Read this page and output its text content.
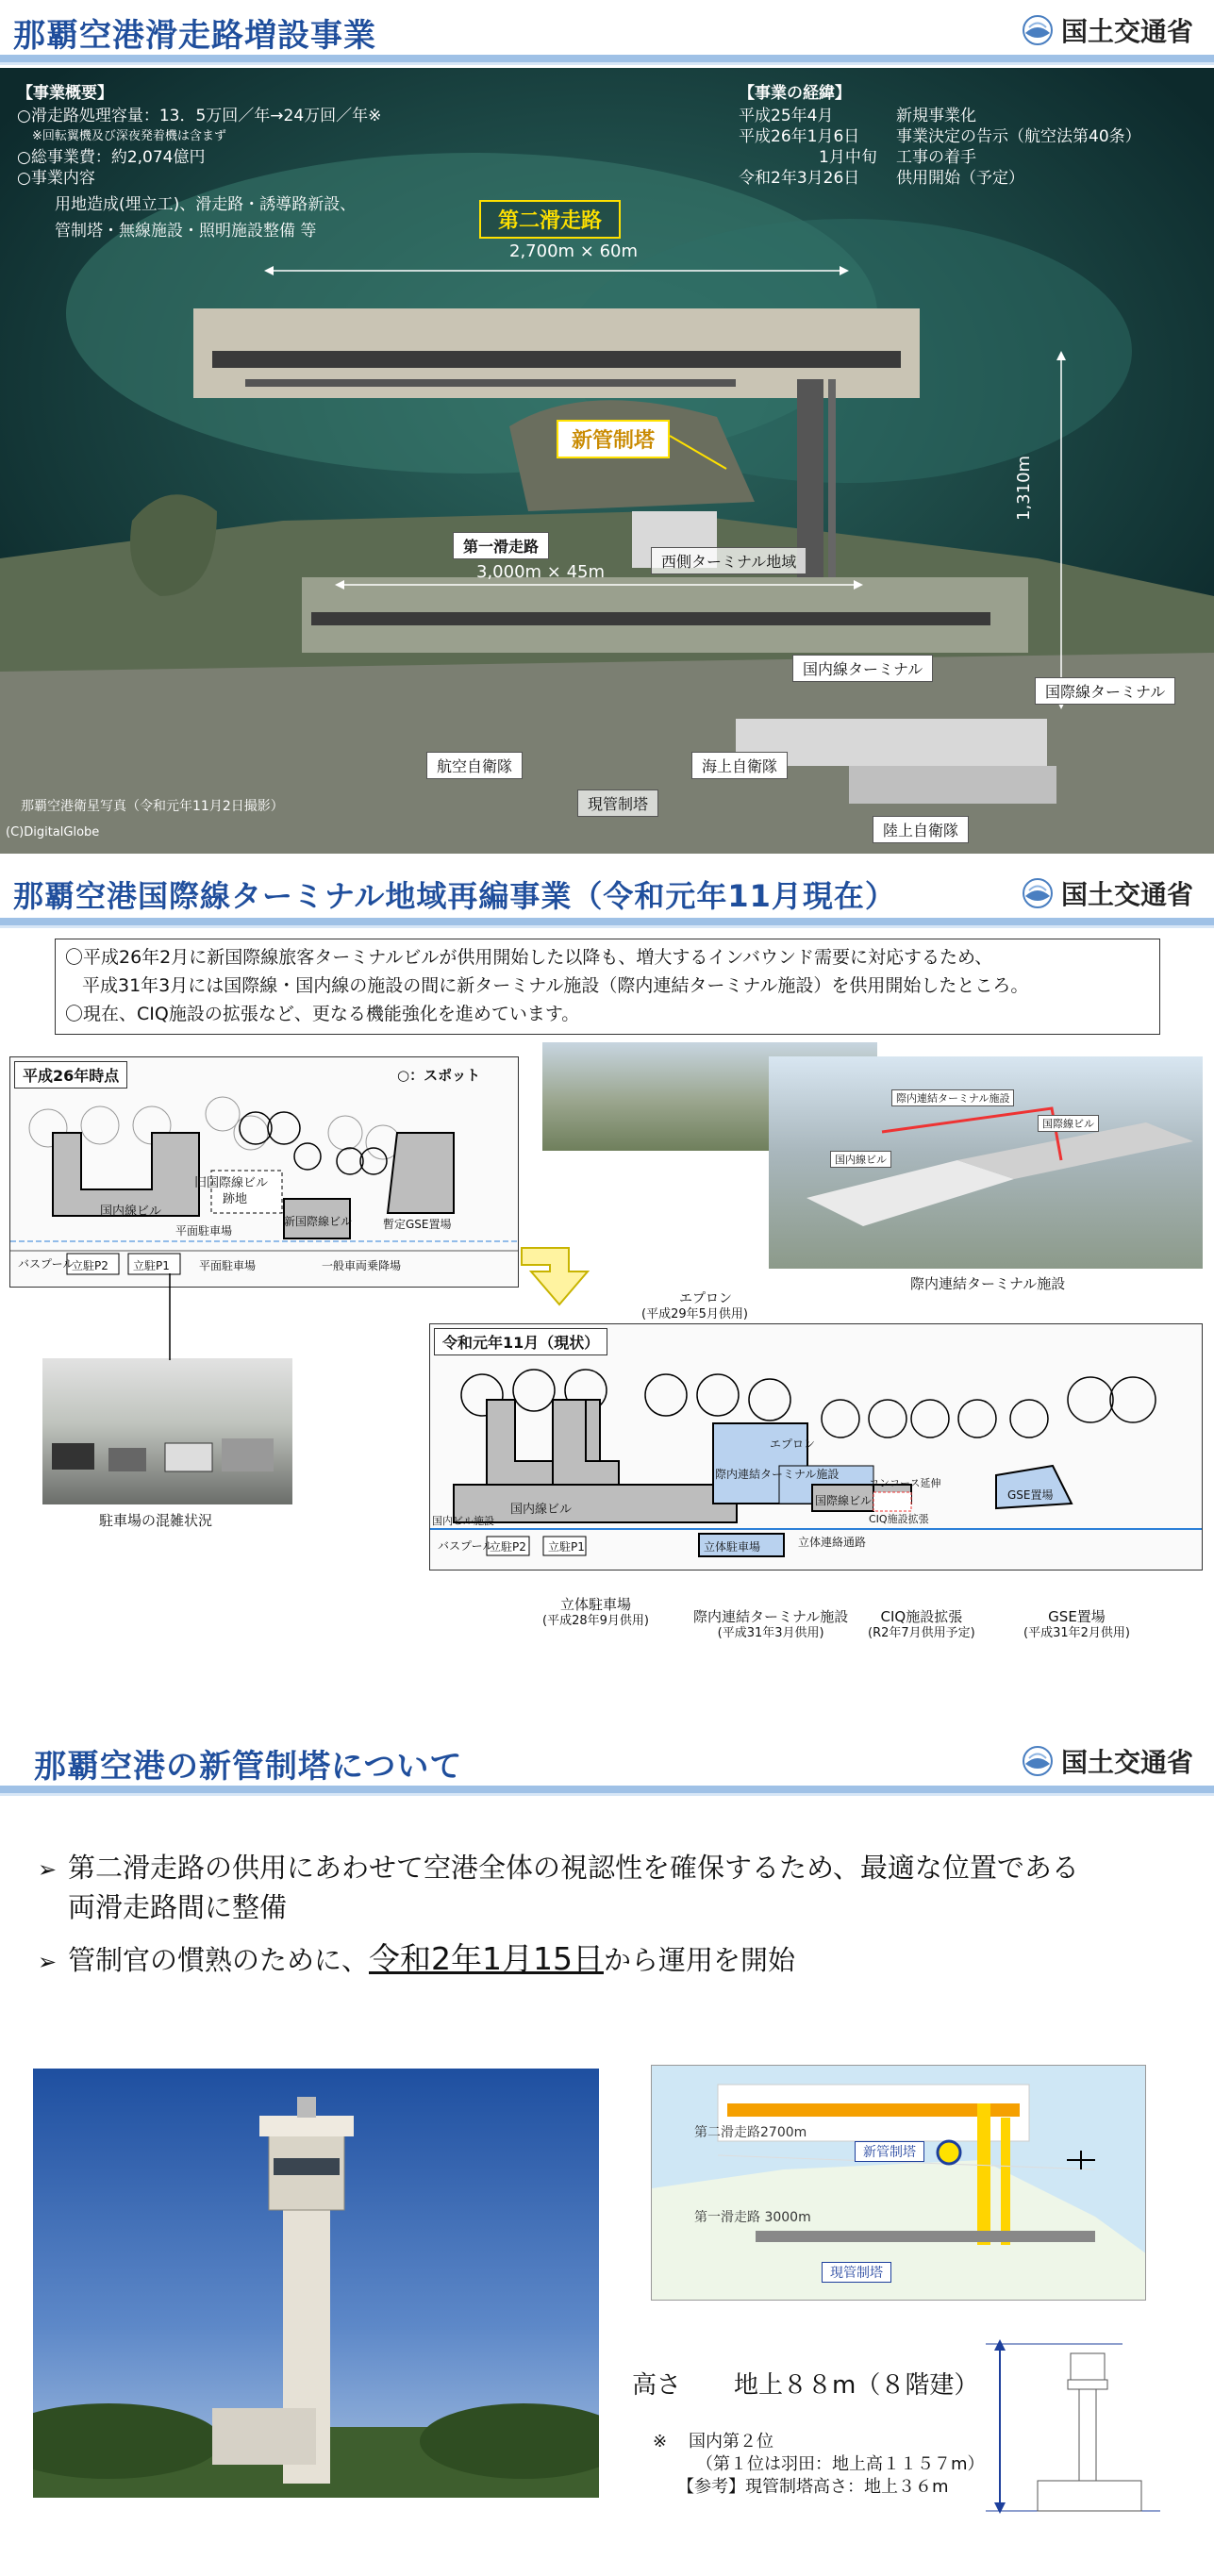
那覇空港滑走路増設事業	国土交通省
【事業概要】
○滑走路処理容量：13．5万回／年→24万回／年※
※回転翼機及び深夜発着機は含まず
○総事業費：約2,074億円
○事業内容
用地造成(埋立工)、滑走路・誘導路新設、
管制塔・無線施設・照明施設整備 等
【事業の経緯】
平成25年4月	新規事業化
平成26年1月6日 事業決定の告示（航空法第40条）
1月中旬 工事の着手
令和2年3月26日 供用開始（予定）
第二滑走路
2,700m × 60m
新管制塔
1,310m
第一滑走路
3,000m × 45m
西側ターミナル地域
国内線ターミナル
国際線ターミナル
航空自衛隊	海上自衛隊
現管制塔
陸上自衛隊
那覇空港衛星写真（令和元年11月2日撮影）
(C)DigitalGlobe
那覇空港国際線ターミナル地域再編事業（令和元年11月現在）	国土交通省

〇平成26年2月に新国際線旅客ターミナルビルが供用開始した以降も、増大するインバウンド需要に対応するため、

平成31年3月には国際線・国内線の施設の間に新ターミナル施設（際内連結ターミナル施設）を供用開始したところ。

〇現在、CIQ施設の拡張など、更なる機能強化を進めています。

平成26年時点	○：スポット
旧国際線ビル
跡地
国内線ビル
新国際線ビル
平面駐車場	暫定GSE置場
バスプール
立駐P2 立駐P1	平面駐車場	一般車両乗降場
際内連結ターミナル施設
国際線ビル
国内線ビル
際内連結ターミナル施設
駐車場の混雑状況
エプロン
(平成29年5月供用)
令和元年11月（現状）
国内線ビル
際内連結ターミナル施設
国際線ビル
コンコース延伸
CIQ施設拡張
GSE置場
エプロン
国内ビル施設
バスプール
立駐P2 立駐P1	立体駐車場	立体連絡通路
立体駐車場
(平成28年9月供用)	際内連結ターミナル施設
(平成31年3月供用)
CIQ施設拡張
(R2年7月供用予定)
GSE置場
(平成31年2月供用)
那覇空港の新管制塔について	国土交通省
➢ 第二滑走路の供用にあわせて空港全体の視認性を確保するため、最適な位置である
両滑走路間に整備
➢ 管制官の慣熟のために、令和2年1月15日から運用を開始
第二滑走路2700m
新管制塔
第一滑走路 3000m
現管制塔
高さ 地上８８m（８階建）
※ 国内第２位
（第１位は羽田：地上高１１５７m）
【参考】現管制塔高さ：地上３６m
